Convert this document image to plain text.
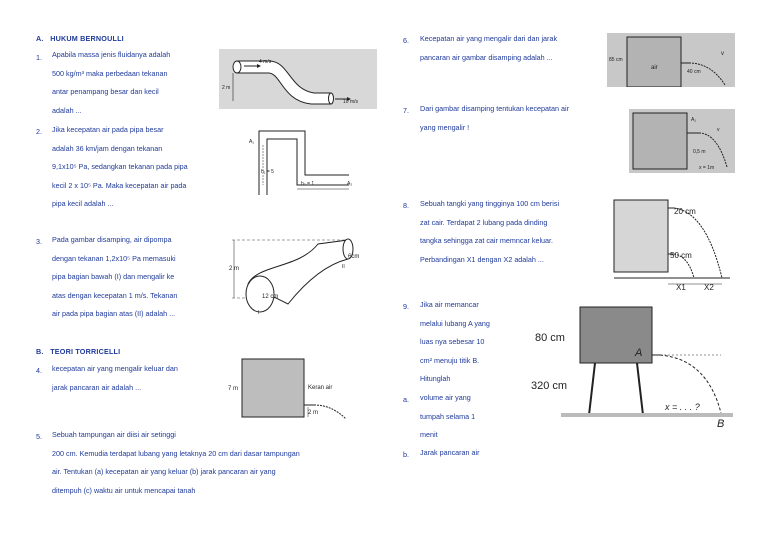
A. HUKUM BERNOULLI
1. Apabila massa jenis fluidanya adalah
500 kg/m³ maka perbedaan tekanan
antar penampang besar dan kecil
adalah ...
4 m/s
2 m
10 m/s
2. Jika kecepatan air pada pipa besar
adalah 36 km/jam dengan tekanan
9,1x10⁵ Pa, sedangkan tekanan pada pipa
kecil 2 x 10⁵ Pa. Maka kecepatan air pada
pipa kecil adalah ...
A₁
h₁ = 5
h₂ = 1	A₂
3. Pada gambar disamping, air dipompa
dengan tekanan 1,2x10⁵ Pa memasuki
pipa bagian bawah (I) dan mengalir ke
atas dengan kecepatan 1 m/s. Tekanan
air pada pipa bagian atas (II) adalah ...
2 m
6cm
12 cm
I
II
B. TEORI TORRICELLI
4. kecepatan air yang mengalir keluar dan
jarak pancaran air adalah ...	7 m	Keran air
2 m
5. Sebuah tampungan air diisi air setinggi
200 cm. Kemudia terdapat lubang yang letaknya 20 cm dari dasar tampungan
air. Tentukan (a) kecepatan air yang keluar (b) jarak pancaran air yang
ditempuh (c) waktu air untuk mencapai tanah
6. Kecepatan air yang mengalir dari dan jarak
pancaran air gambar disamping adalah ...	85 cm
air
40 cm
v
7. Dari gambar disamping tentukan kecepatan air
yang mengalir !
A₁
v
0,5 m
x = 1m
8. Sebuah tangki yang tingginya 100 cm berisi
zat cair. Terdapat 2 lubang pada dinding
tangka sehingga zat cair memncar keluar.
Perbandingan X1 dengan X2 adalah ...
20 cm
50 cm
X1 X2
9. Jika air memancar
melalui lubang A yang
luas nya sebesar 10
cm² menuju titik B.
Hitunglah
a. volume air yang
tumpah selama 1
menit
b. Jarak pancaran air
80 cm
320 cm
A
x = . . . ?
B
